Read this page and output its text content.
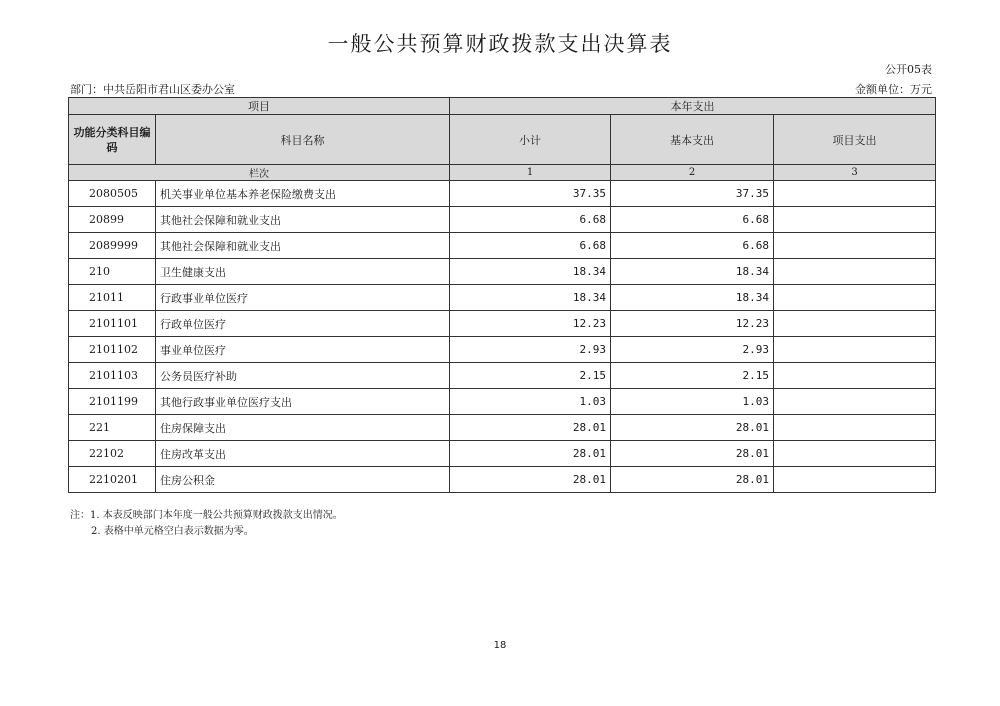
一般公共预算财政拨款支出决算表
公开05表
部门：中共岳阳市君山区委办公室	金额单位：万元
项目		本年支出		

功能分类科目编码	科目名称	小计	基本支出	项目支出
栏次		1	2	3
2080505	机关事业单位基本养老保险缴费支出	37.35	37.35	
20899	其他社会保障和就业支出	6.68	6.68	
2089999	其他社会保障和就业支出	6.68	6.68	
210	卫生健康支出	18.34	18.34	
21011	行政事业单位医疗	18.34	18.34	
2101101	行政单位医疗	12.23	12.23	
2101102	事业单位医疗	2.93	2.93	
2101103	公务员医疗补助	2.15	2.15	
2101199	其他行政事业单位医疗支出	1.03	1.03	
221	住房保障支出	28.01	28.01	
22102	住房改革支出	28.01	28.01	
2210201	住房公积金	28.01	28.01	
注：1. 本表反映部门本年度一般公共预算财政拨款支出情况。
2. 表格中单元格空白表示数据为零。
18
